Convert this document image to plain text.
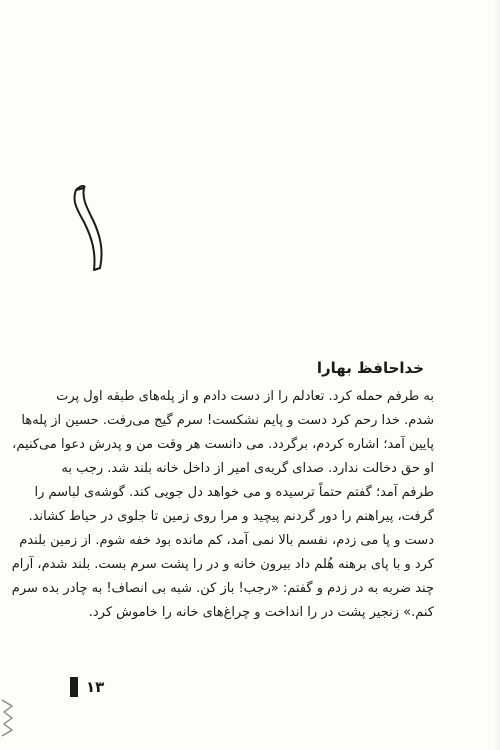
خداحافظ بهارا
به طرفم حمله کرد. تعادلم را از دست دادم و از پله‌های طبقه اول پرت
شدم. خدا رحم کرد دست و پایم نشکست! سرم گیج می‌رفت. حسین از پله‌ها
پایین آمد؛ اشاره کردم، برگردد. می دانست هر وقت من و پدرش دعوا می‌کنیم،
او حق دخالت ندارد. صدای گریه‌ی امیر از داخل خانه بلند شد. رجب به
طرفم آمد؛ گفتم حتماً ترسیده و می خواهد دل جویی کند. گوشه‌ی لباسم را
گرفت، پیراهنم را دور گردنم پیچید و مرا روی زمین تا جلوی در حیاط کشاند.
دست و پا می زدم، نفسم بالا نمی آمد، کم مانده بود خفه شوم. از زمین بلندم
کرد و با پای برهنه هُلم داد بیرون خانه و در را پشت سرم بست. بلند شدم، آرام
چند ضربه به در زدم و گفتم: «رجب! باز کن. شبه بی انصاف! به چادر بده سرم
کنم.» زنجیر پشت در را انداخت و چراغ‌های خانه را خاموش کرد.
۱۳
